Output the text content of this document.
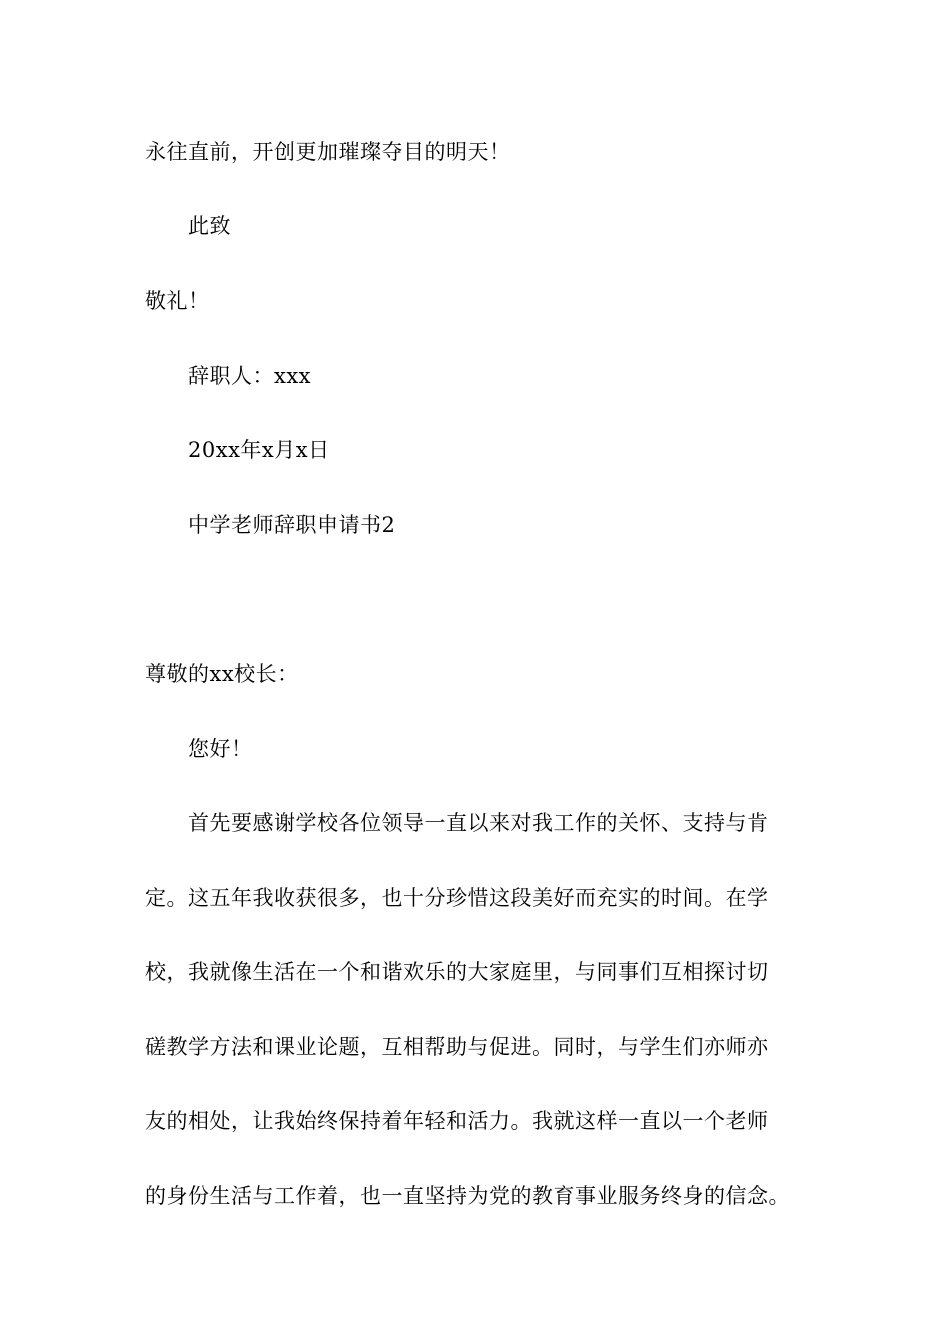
永往直前，开创更加璀璨夺目的明天！
此致
敬礼！
辞职人：xxx
20xx年x月x日
中学老师辞职申请书2
尊敬的xx校长：
您好！
首先要感谢学校各位领导一直以来对我工作的关怀、支持与肯
定。这五年我收获很多，也十分珍惜这段美好而充实的时间。在学
校，我就像生活在一个和谐欢乐的大家庭里，与同事们互相探讨切
磋教学方法和课业论题，互相帮助与促进。同时，与学生们亦师亦
友的相处，让我始终保持着年轻和活力。我就这样一直以一个老师
的身份生活与工作着，也一直坚持为党的教育事业服务终身的信念。
